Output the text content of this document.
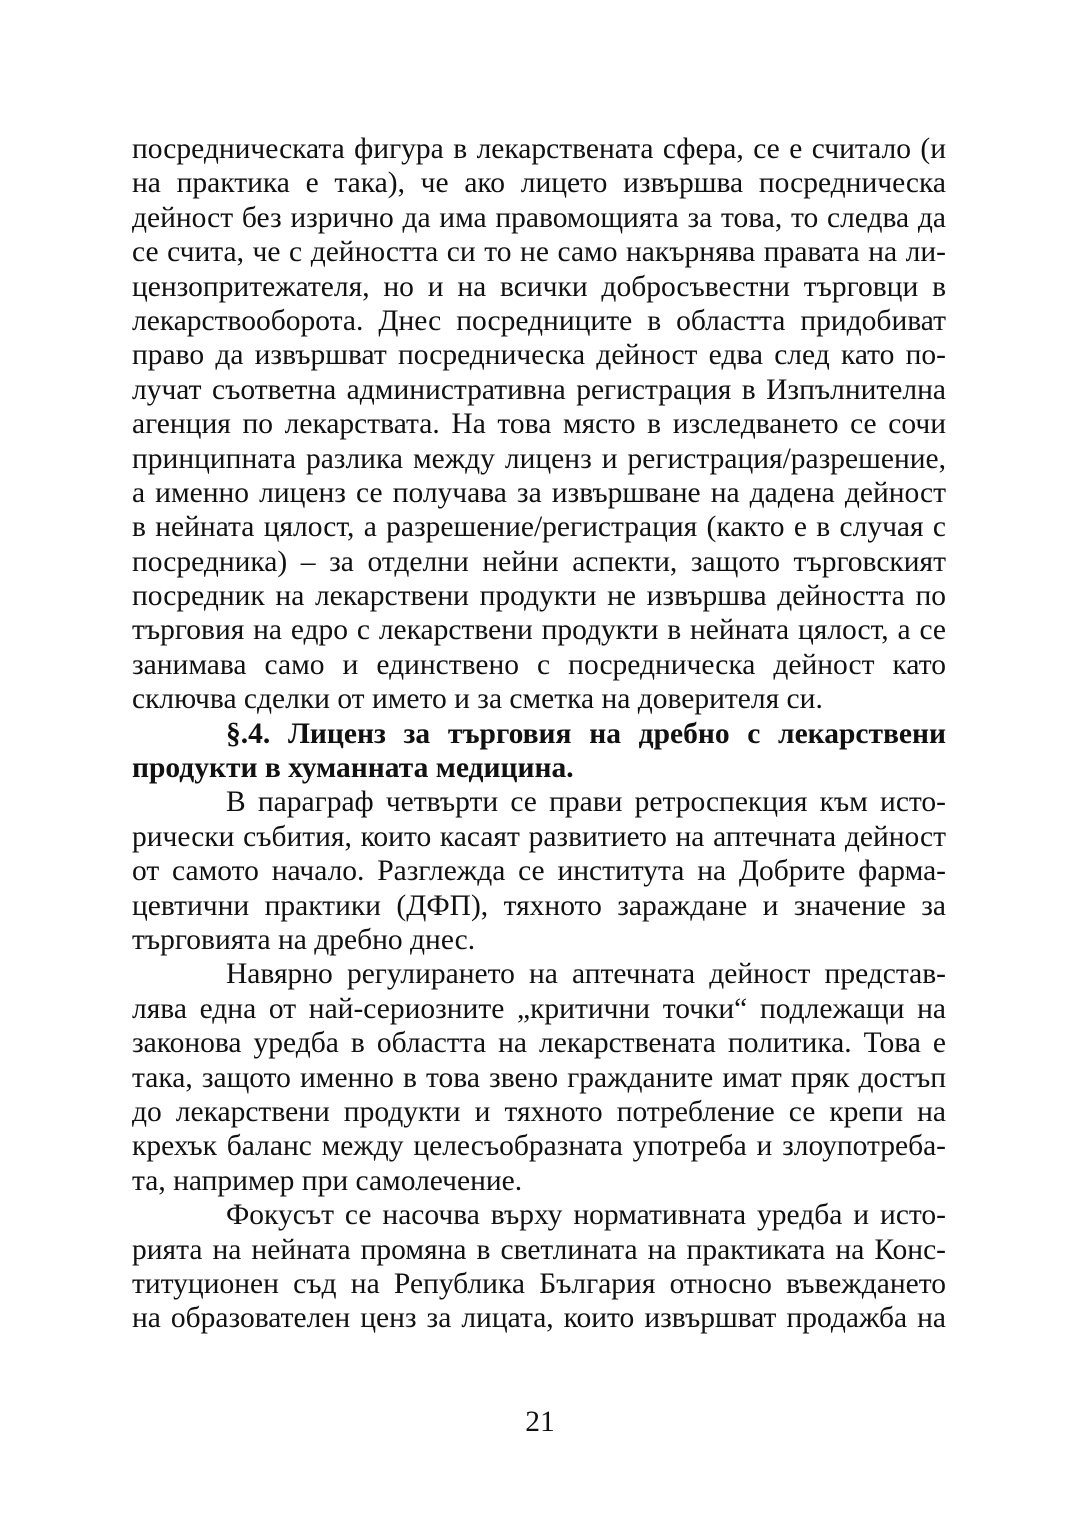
посредническата фигура в лекарствената сфера, се е считало (и
на практика е така), че ако лицето извършва посредническа
дейност без изрично да има правомощията за това, то следва да
се счита, че с дейността си то не само накърнява правата на ли-
цензопритежателя, но и на всички добросъвестни търговци в
лекарствооборота. Днес посредниците в областта придобиват
право да извършват посредническа дейност едва след като по-
лучат съответна административна регистрация в Изпълнителна
агенция по лекарствата. На това място в изследването се сочи
принципната разлика между лиценз и регистрация/разрешение,
а именно лиценз се получава за извършване на дадена дейност
в нейната цялост, а разрешение/регистрация (както е в случая с
посредника) – за отделни нейни аспекти, защото търговският
посредник на лекарствени продукти не извършва дейността по
търговия на едро с лекарствени продукти в нейната цялост, а се
занимава само и единствено с посредническа дейност като
сключва сделки от името и за сметка на доверителя си.
§.4. Лиценз за търговия на дребно с лекарствени
продукти в хуманната медицина.
В параграф четвърти се прави ретроспекция към исто-
рически събития, които касаят развитието на аптечната дейност
от самото начало. Разглежда се института на Добрите фарма-
цевтични практики (ДФП), тяхното зараждане и значение за
търговията на дребно днес.
Навярно регулирането на аптечната дейност представ-
лява една от най-сериозните „критични точки“ подлежащи на
законова уредба в областта на лекарствената политика. Това е
така, защото именно в това звено гражданите имат пряк достъп
до лекарствени продукти и тяхното потребление се крепи на
крехък баланс между целесъобразната употреба и злоупотреба-
та, например при самолечение.
Фокусът се насочва върху нормативната уредба и исто-
рията на нейната промяна в светлината на практиката на Конс-
титуционен съд на Република България относно въвеждането
на образователен ценз за лицата, които извършват продажба на
21
